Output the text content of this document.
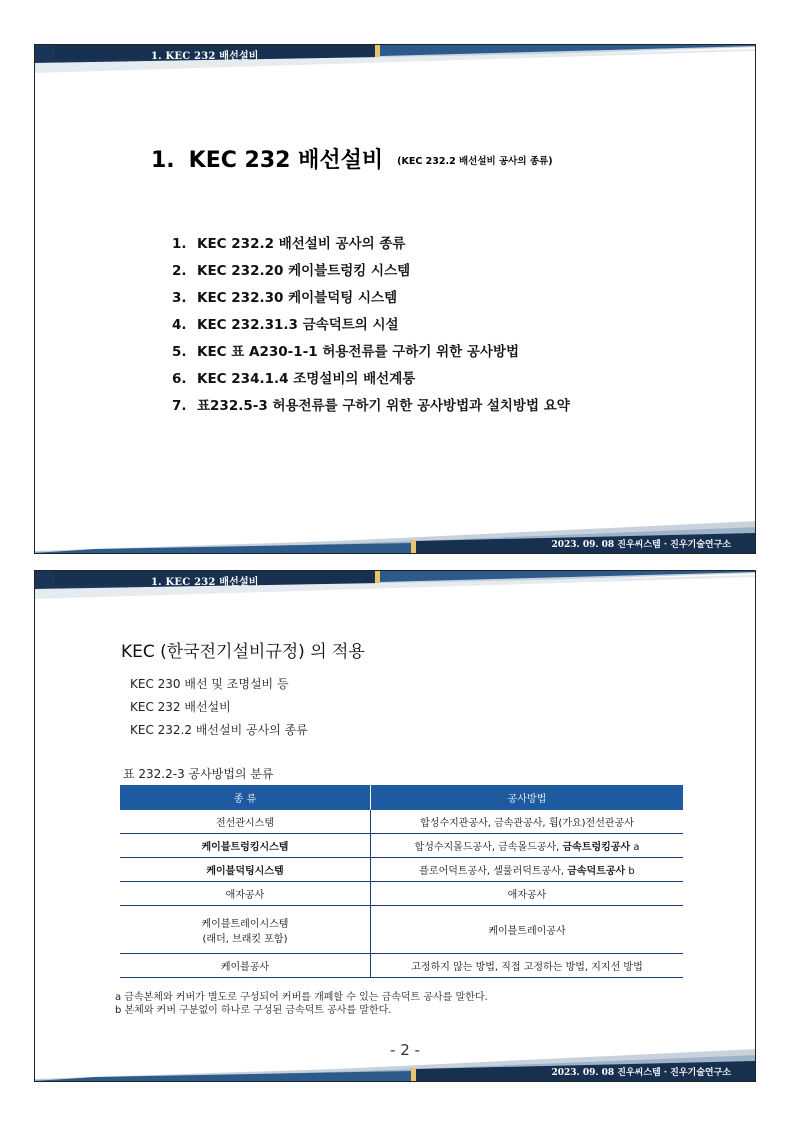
1. KEC 232 배선설비
1. KEC 232 배선설비 $^{(KEC 232.2 배선설비 공사의 종류)}$
1. KEC 232.2 배선설비 공사의 종류
2. KEC 232.20 케이블트렁킹 시스템
3. KEC 232.30 케이블덕팅 시스템
4. KEC 232.31.3 금속덕트의 시설
5. KEC 표 A230-1-1 허용전류를 구하기 위한 공사방법
6. KEC 234.1.4 조명설비의 배선계통
7. 표232.5-3 허용전류를 구하기 위한 공사방법과 설치방법 요약
2023. 09. 08 진우씨스템 · 진우기술연구소
1. KEC 232 배선설비
KEC (한국전기설비규정) 의 적용
KEC 230 배선 및 조명설비 등
KEC 232 배선설비
KEC 232.2 배선설비 공사의 종류
표 232.2-3 공사방법의 분류
종 류	공사방법
전선관시스템	합성수지관공사, 금속관공사, 휨(가요)전선관공사
케이블트렁킹시스템	합성수지몰드공사, 금속몰드공사, 금속트렁킹공사 a
케이블덕팅시스템	플로어덕트공사, 셀룰러덕트공사, 금속덕트공사 b
애자공사	애자공사
케이블트레이시스템
(래더, 브래킷 포함)	케이블트레이공사
케이블공사	고정하지 않는 방법, 직접 고정하는 방법, 지지선 방법
a 금속본체와 커버가 별도로 구성되어 커버를 개폐할 수 있는 금속덕트 공사를 말한다.
b 본체와 커버 구분없이 하나로 구성된 금속덕트 공사를 말한다.
- 2 -
2023. 09. 08 진우씨스템 · 진우기술연구소
